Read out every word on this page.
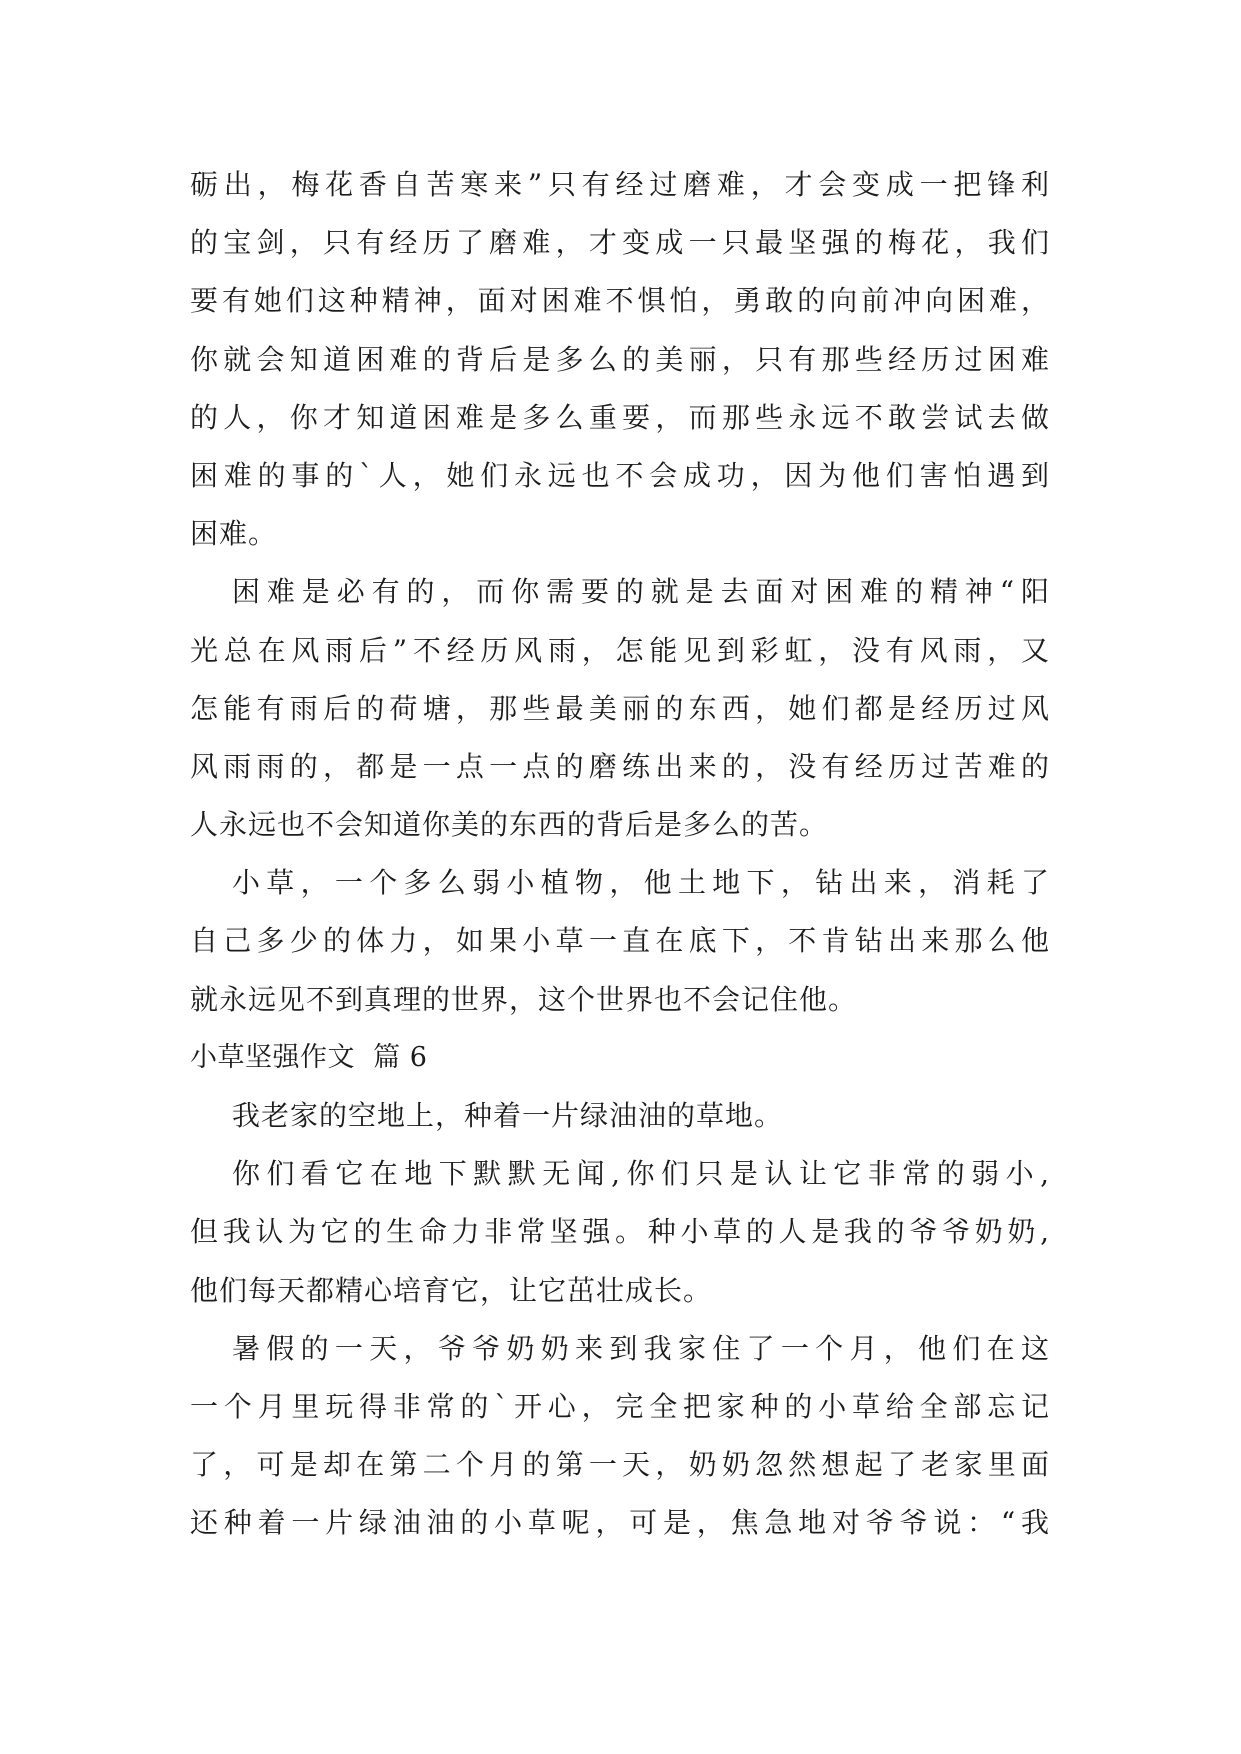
砺出，梅花香自苦寒来”只有经过磨难，才会变成一把锋利
的宝剑，只有经历了磨难，才变成一只最坚强的梅花，我们
要有她们这种精神，面对困难不惧怕，勇敢的向前冲向困难，
你就会知道困难的背后是多么的美丽，只有那些经历过困难
的人，你才知道困难是多么重要，而那些永远不敢尝试去做
困难的事的`人，她们永远也不会成功，因为他们害怕遇到
困难。
困难是必有的，而你需要的就是去面对困难的精神“阳
光总在风雨后”不经历风雨，怎能见到彩虹，没有风雨，又
怎能有雨后的荷塘，那些最美丽的东西，她们都是经历过风
风雨雨的，都是一点一点的磨练出来的，没有经历过苦难的
人永远也不会知道你美的东西的背后是多么的苦。
小草，一个多么弱小植物，他土地下，钻出来，消耗了
自己多少的体力，如果小草一直在底下，不肯钻出来那么他
就永远见不到真理的世界，这个世界也不会记住他。
小草坚强作文  篇 6
我老家的空地上，种着一片绿油油的草地。
你们看它在地下默默无闻,你们只是认让它非常的弱小,
但我认为它的生命力非常坚强。种小草的人是我的爷爷奶奶,
他们每天都精心培育它，让它茁壮成长。
暑假的一天，爷爷奶奶来到我家住了一个月，他们在这
一个月里玩得非常的`开心，完全把家种的小草给全部忘记
了，可是却在第二个月的第一天，奶奶忽然想起了老家里面
还种着一片绿油油的小草呢，可是，焦急地对爷爷说：“我
